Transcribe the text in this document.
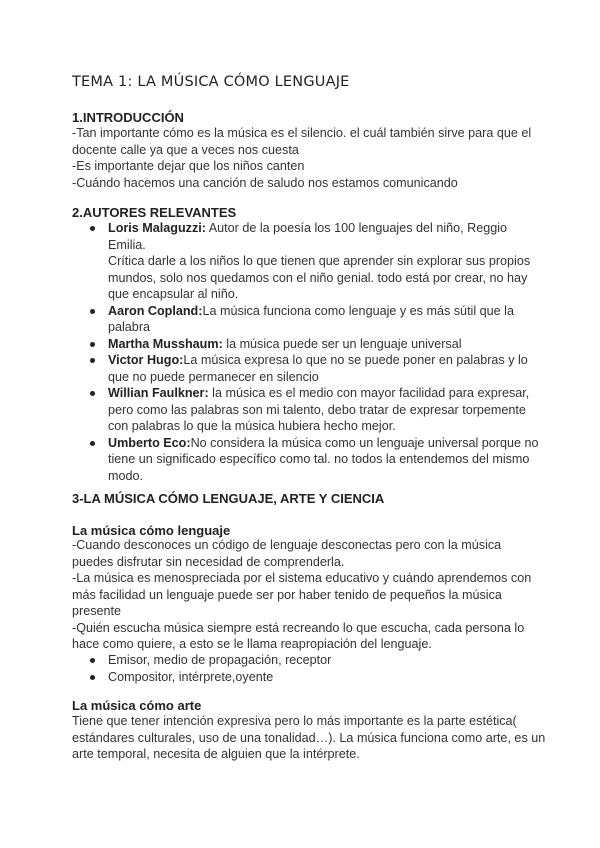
TEMA 1: LA MÚSICA CÓMO LENGUAJE
1.INTRODUCCIÓN
-Tan importante cómo es la música es el silencio. el cuál también sirve para que el
docente calle ya que a veces nos cuesta
-Es importante dejar que los niños canten
-Cuándo hacemos una canción de saludo nos estamos comunicando
2.AUTORES RELEVANTES
Loris Malaguzzi: Autor de la poesía los 100 lenguajes del niño, Reggio
Emilia.
Crítica darle a los niños lo que tienen que aprender sin explorar sus propios
mundos, solo nos quedamos con el niño genial. todo está por crear, no hay
que encapsular al niño.
Aaron Copland:La música funciona como lenguaje y es más sútil que la
palabra
Martha Musshaum: la música puede ser un lenguaje universal
Victor Hugo:La música expresa lo que no se puede poner en palabras y lo
que no puede permanecer en silencio
Willian Faulkner: la música es el medio con mayor facilidad para expresar,
pero como las palabras son mi talento, debo tratar de expresar torpemente
con palabras lo que la música hubiera hecho mejor.
Umberto Eco:No considera la música como un lenguaje universal porque no
tiene un significado específico como tal. no todos la entendemos del mismo
modo.
3-LA MÚSICA CÓMO LENGUAJE, ARTE Y CIENCIA
La música cómo lenguaje
-Cuando desconoces un código de lenguaje desconectas pero con la música
puedes disfrutar sin necesidad de comprenderla.
-La música es menospreciada por el sistema educativo y cuándo aprendemos con
más facilidad un lenguaje puede ser por haber tenido de pequeños la música
presente
-Quién escucha música siempre está recreando lo que escucha, cada persona lo
hace como quiere, a esto se le llama reapropiación del lenguaje.
Emisor, medio de propagación, receptor
Compositor, intérprete,oyente
La música cómo arte
Tiene que tener intención expresiva pero lo más importante es la parte estética(
estándares culturales, uso de una tonalidad…). La música funciona como arte, es un
arte temporal, necesita de alguien que la intérprete.
